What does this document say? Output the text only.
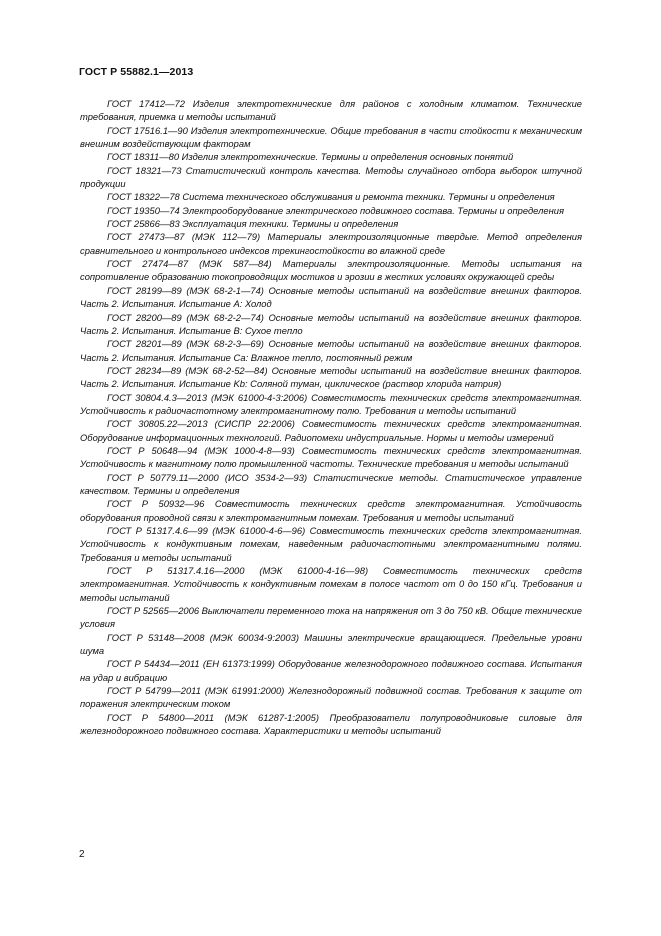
ГОСТ Р 55882.1—2013

ГОСТ 17412—72 Изделия электротехнические для районов с холодным климатом. Технические требования, приемка и методы испытаний

ГОСТ 17516.1—90 Изделия электротехнические. Общие требования в части стойкости к механическим внешним воздействующим факторам

ГОСТ 18311—80 Изделия электротехнические. Термины и определения основных понятий

ГОСТ 18321—73 Статистический контроль качества. Методы случайного отбора выборок штучной продукции

ГОСТ 18322—78 Система технического обслуживания и ремонта техники. Термины и определения

ГОСТ 19350—74 Электрооборудование электрического подвижного состава. Термины и определения

ГОСТ 25866—83 Эксплуатация техники. Термины и определения

ГОСТ 27473—87 (МЭК 112—79) Материалы электроизоляционные твердые. Метод определения сравнительного и контрольного индексов трекингостойкости во влажной среде

ГОСТ 27474—87 (МЭК 587—84) Материалы электроизоляционные. Методы испытания на сопротивление образованию токопроводящих мостиков и эрозии в жестких условиях окружающей среды

ГОСТ 28199—89 (МЭК 68-2-1—74) Основные методы испытаний на воздействие внешних факторов. Часть 2. Испытания. Испытание А: Холод

ГОСТ 28200—89 (МЭК 68-2-2—74) Основные методы испытаний на воздействие внешних факторов. Часть 2. Испытания. Испытание В: Сухое тепло

ГОСТ 28201—89 (МЭК 68-2-3—69) Основные методы испытаний на воздействие внешних факторов. Часть 2. Испытания. Испытание Са: Влажное тепло, постоянный режим

ГОСТ 28234—89 (МЭК 68-2-52—84) Основные методы испытаний на воздействие внешних факторов. Часть 2. Испытания. Испытание Kb: Соляной туман, циклическое (раствор хлорида натрия)

ГОСТ 30804.4.3—2013 (МЭК 61000-4-3:2006) Совместимость технических средств электромагнитная. Устойчивость к радиочастотному электромагнитному полю. Требования и методы испытаний

ГОСТ 30805.22—2013 (СИСПР 22:2006) Совместимость технических средств электромагнитная. Оборудование информационных технологий. Радиопомехи индустриальные. Нормы и методы измерений

ГОСТ Р 50648—94 (МЭК 1000-4-8—93) Совместимость технических средств электромагнитная. Устойчивость к магнитному полю промышленной частоты. Технические требования и методы испытаний

ГОСТ Р 50779.11—2000 (ИСО 3534-2—93) Статистические методы. Статистическое управление качеством. Термины и определения

ГОСТ Р 50932—96 Совместимость технических средств электромагнитная. Устойчивость оборудования проводной связи к электромагнитным помехам. Требования и методы испытаний

ГОСТ Р 51317.4.6—99 (МЭК 61000-4-6—96) Совместимость технических средств электромагнитная. Устойчивость к кондуктивным помехам, наведенным радиочастотными электромагнитными полями. Требования и методы испытаний

ГОСТ Р 51317.4.16—2000 (МЭК 61000-4-16—98) Совместимость технических средств электромагнитная. Устойчивость к кондуктивным помехам в полосе частот от 0 до 150 кГц. Требования и методы испытаний

ГОСТ Р 52565—2006 Выключатели переменного тока на напряжения от 3 до 750 кВ. Общие технические условия

ГОСТ Р 53148—2008 (МЭК 60034-9:2003) Машины электрические вращающиеся. Предельные уровни шума

ГОСТ Р 54434—2011 (ЕН 61373:1999) Оборудование железнодорожного подвижного состава. Испытания на удар и вибрацию

ГОСТ Р 54799—2011 (МЭК 61991:2000) Железнодорожный подвижной состав. Требования к защите от поражения электрическим током

ГОСТ Р 54800—2011 (МЭК 61287-1:2005) Преобразователи полупроводниковые силовые для железнодорожного подвижного состава. Характеристики и методы испытаний

2
